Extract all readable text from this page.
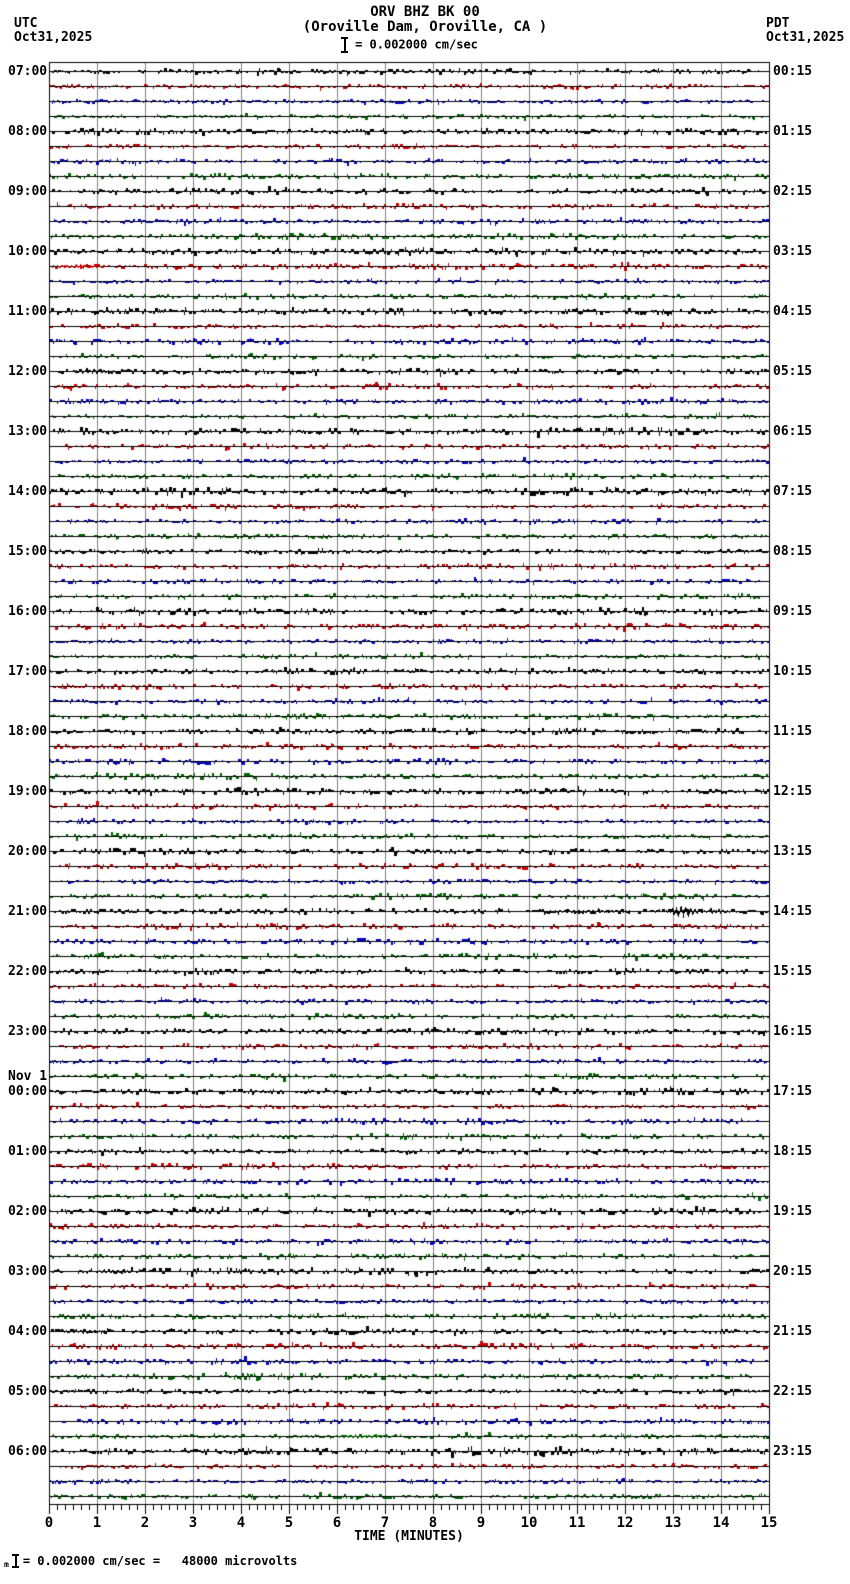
07:00
08:00
09:00
10:00
11:00
12:00
13:00
14:00
15:00
16:00
17:00
18:00
19:00
20:00
21:00
22:00
23:00
Nov 1
00:00
01:00
02:00
03:00
04:00
05:00
06:00
00:15
01:15
02:15
03:15
04:15
05:15
06:15
07:15
08:15
09:15
10:15
11:15
12:15
13:15
14:15
15:15
16:15
17:15
18:15
19:15
20:15
21:15
22:15
23:15
0	1	2	3	4	5	6	7	8	9	10	11	12	13	14	15
TIME (MINUTES)
m = 0.002000 cm/sec =   48000 microvolts
